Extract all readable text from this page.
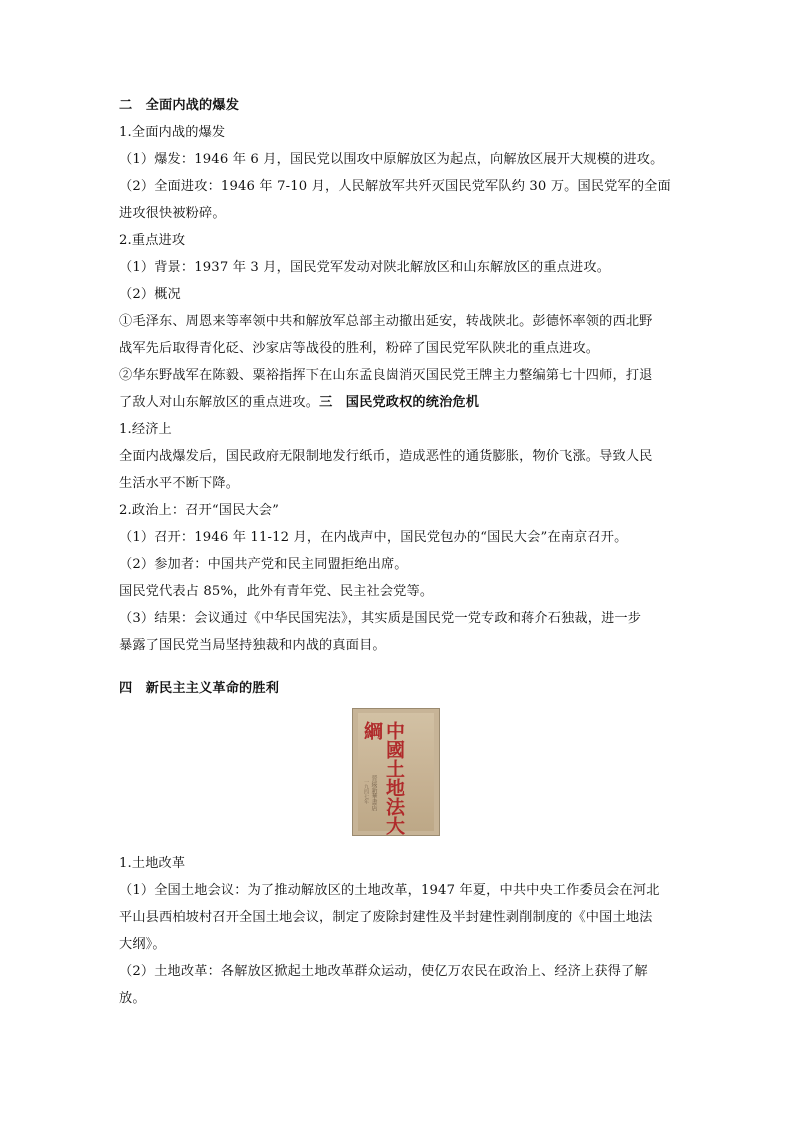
二　全面内战的爆发
1.全面内战的爆发
（1）爆发：1946 年 6 月，国民党以围攻中原解放区为起点，向解放区展开大规模的进攻。
（2）全面进攻：1946 年 7-10 月，人民解放军共歼灭国民党军队约 30 万。国民党军的全面
进攻很快被粉碎。
2.重点进攻
（1）背景：1937 年 3 月，国民党军发动对陕北解放区和山东解放区的重点进攻。
（2）概况
①毛泽东、周恩来等率领中共和解放军总部主动撤出延安，转战陕北。彭德怀率领的西北野
战军先后取得青化砭、沙家店等战役的胜利，粉碎了国民党军队陕北的重点进攻。
②华东野战军在陈毅、粟裕指挥下在山东孟良崮消灭国民党王牌主力整编第七十四师，打退
了敌人对山东解放区的重点进攻。三　国民党政权的统治危机
1.经济上
全面内战爆发后，国民政府无限制地发行纸币，造成恶性的通货膨胀，物价飞涨。导致人民
生活水平不断下降。
2.政治上：召开“国民大会”
（1）召开：1946 年 11-12 月，在内战声中，国民党包办的“国民大会”在南京召开。
（2）参加者：中国共产党和民主同盟拒绝出席。
国民党代表占 85%，此外有青年党、民主社会党等。
（3）结果：会议通过《中华民国宪法》，其实质是国民党一党专政和蒋介石独裁，进一步
暴露了国民党当局坚持独裁和内战的真面目。
四　新民主主义革命的胜利
中國土地法大綱
晉綏新華書店
一九四七年
1.土地改革
（1）全国土地会议：为了推动解放区的土地改革，1947 年夏，中共中央工作委员会在河北
平山县西柏坡村召开全国土地会议，制定了废除封建性及半封建性剥削制度的《中国土地法
大纲》。
（2）土地改革：各解放区掀起土地改革群众运动，使亿万农民在政治上、经济上获得了解
放。
